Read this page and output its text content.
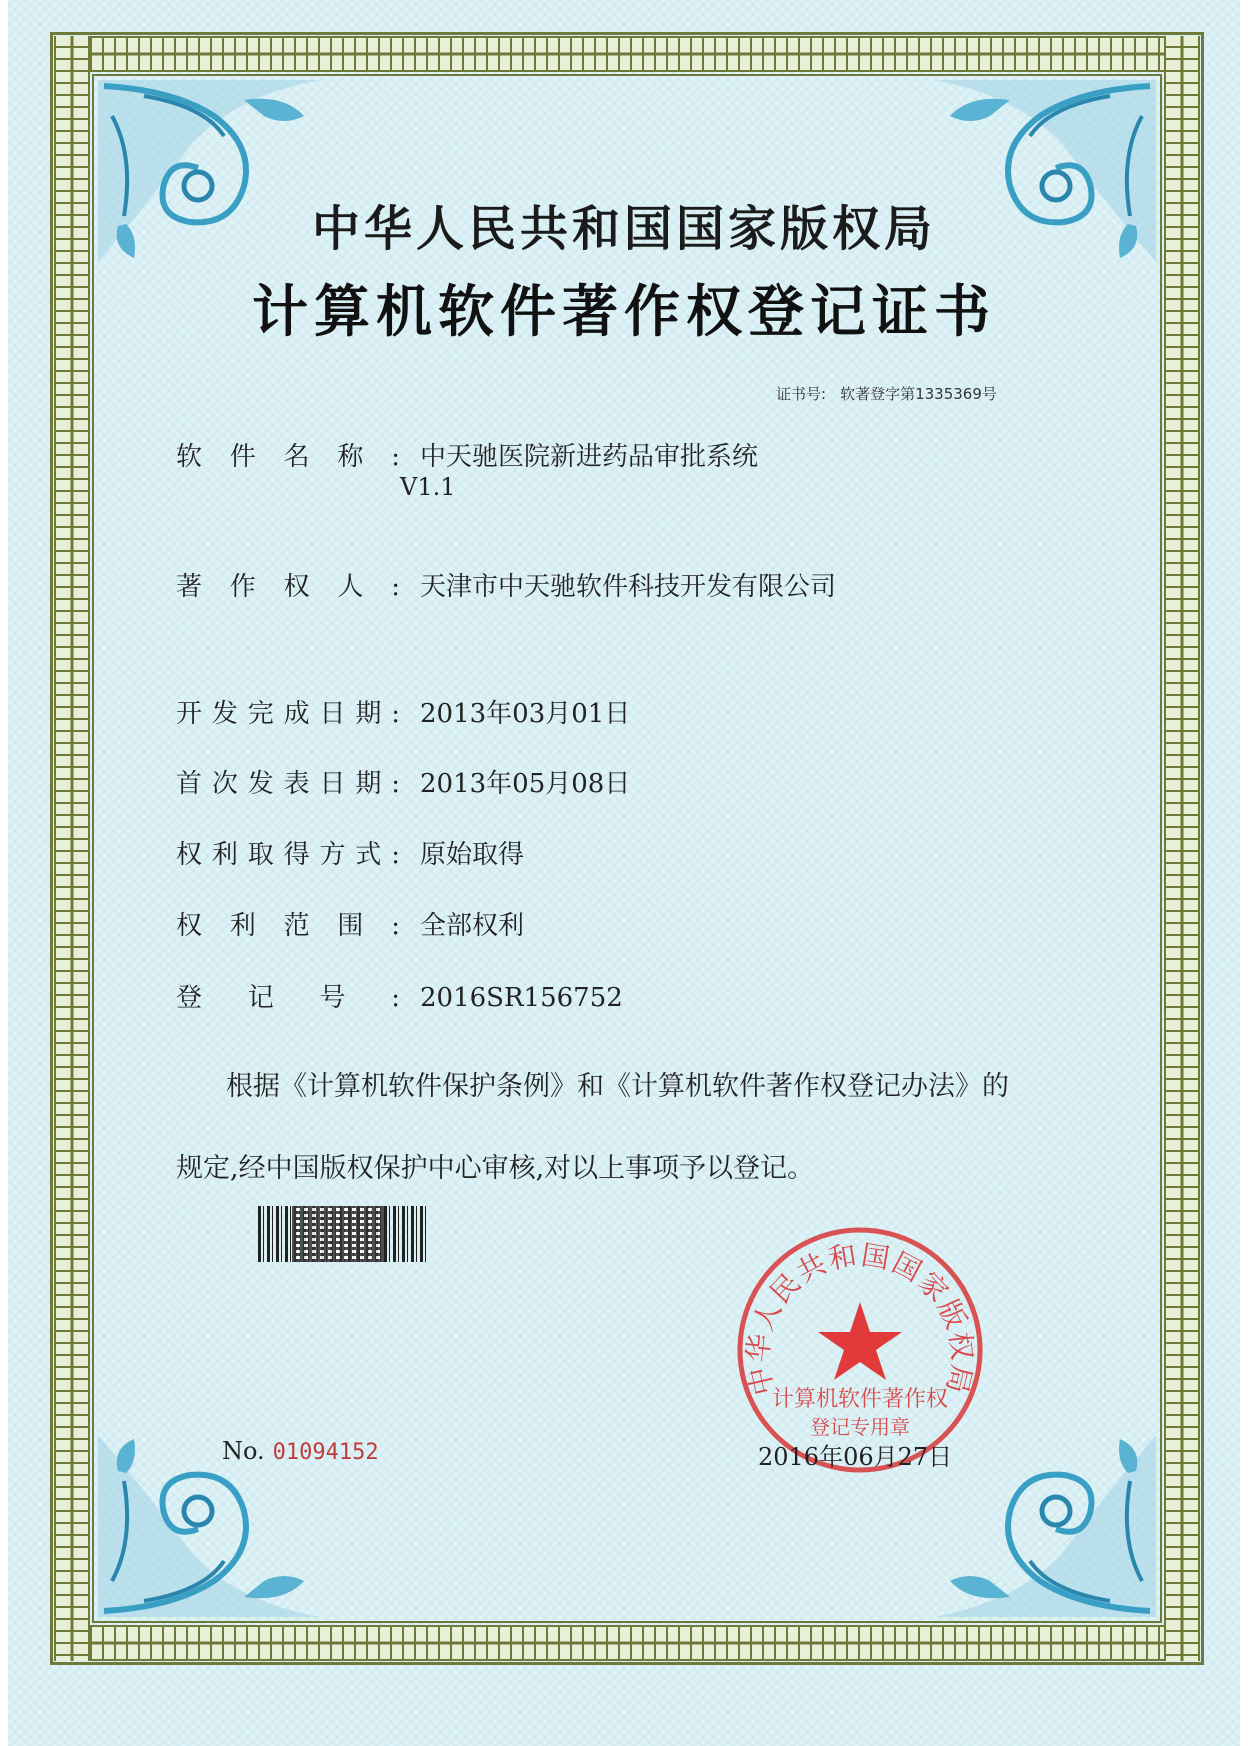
中华人民共和国国家版权局
计算机软件著作权登记证书
证书号: 软著登字第1335369号
软件名称: 中天驰医院新进药品审批系统
V1.1
著作权人: 天津市中天驰软件科技开发有限公司
开发完成日期: 2013年03月01日
首次发表日期: 2013年05月08日
权利取得方式: 原始取得
权利范围: 全部权利
登记号: 2016SR156752
根据《计算机软件保护条例》和《计算机软件著作权登记办法》的
规定,经中国版权保护中心审核,对以上事项予以登记。
中华人民共和国国家版权局
计算机软件著作权
登记专用章
No. 01094152	2016年06月27日
